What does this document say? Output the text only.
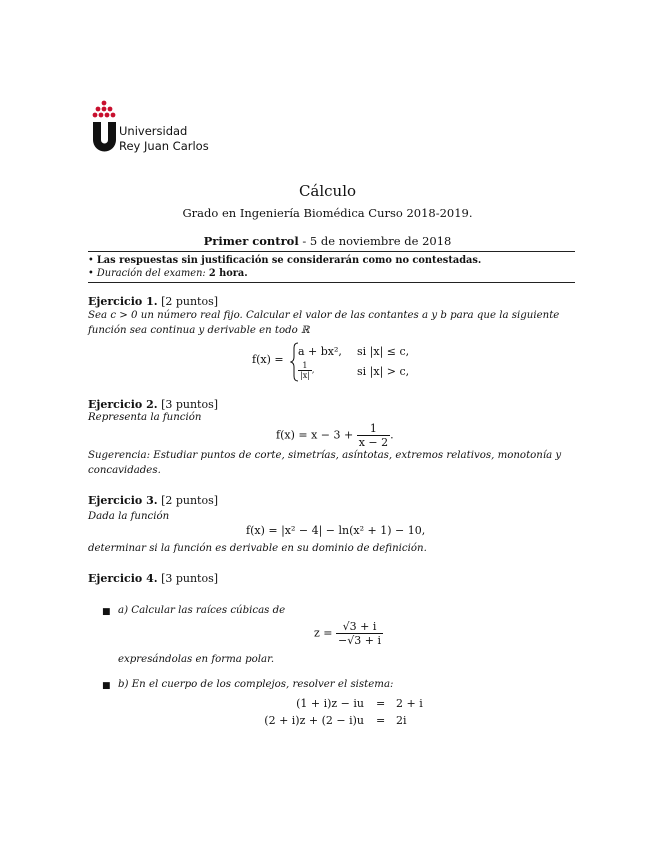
Universidad
Rey Juan Carlos
Cálculo
Grado en Ingeniería Biomédica Curso 2018-2019.
Primer control - 5 de noviembre de 2018
• Las respuestas sin justificación se considerarán como no contestadas.
• Duración del examen: 2 hora.
Ejercicio 1. [2 puntos]
Sea c > 0 un número real fijo. Calcular el valor de las contantes a y b para que la siguiente función sea continua y derivable en todo ℝ
f(x) =
a + bx², si |x| ≤ c,
$\frac{1}{|x|}$ ,	si |x| > c,
Ejercicio 2. [3 puntos]
Representa la función
$f(x) = x - 3 + \frac{1}{x - 2}$ .
Sugerencia: Estudiar puntos de corte, simetrías, asíntotas, extremos relativos, monotonía y concavidades.
Ejercicio 3. [2 puntos]
Dada la función
f(x) = |x² − 4| − ln(x² + 1) − 10,
determinar si la función es derivable en su dominio de definición.
Ejercicio 4. [3 puntos]
■ a) Calcular las raíces cúbicas de
$z = \frac{√3 + i}{-√3 + i}$
expresándolas en forma polar.
■ b) En el cuerpo de los complejos, resolver el sistema:
(1 + i)z − iu = 2 + i
(2 + i)z + (2 − i)u = 2i
